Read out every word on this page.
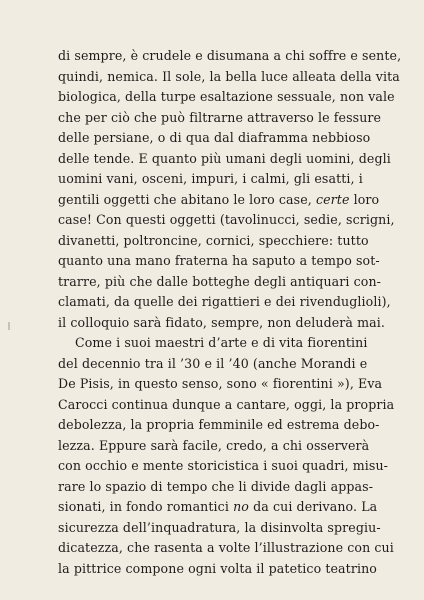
di sempre, è crudele e disumana a chi soffre e sente,
quindi, nemica. Il sole, la bella luce alleata della vita
biologica, della turpe esaltazione sessuale, non vale
che per ciò che può filtrarne attraverso le fessure
delle persiane, o di qua dal diaframma nebbioso
delle tende. E quanto più umani degli uomini, degli
uomini vani, osceni, impuri, i calmi, gli esatti, i
gentili oggetti che abitano le loro case, certe loro
case! Con questi oggetti (tavolinucci, sedie, scrigni,
divanetti, poltroncine, cornici, specchiere: tutto
quanto una mano fraterna ha saputo a tempo sot-
trarre, più che dalle botteghe degli antiquari con-
clamati, da quelle dei rigattieri e dei rivendugliolі),
il colloquio sarà fidato, sempre, non deluderà mai.
Come i suoi maestri d’arte e di vita fiorentini
del decennio tra il ’30 e il ’40 (anche Morandi e
De Pisis, in questo senso, sono « fiorentini »), Eva
Carocci continua dunque a cantare, oggi, la propria
debolezza, la propria femminile ed estrema debo-
lezza. Eppure sarà facile, credo, a chi osserverà
con occhio e mente storicistica i suoi quadri, misu-
rare lo spazio di tempo che li divide dagli appas-
sionati, in fondo romantici no da cui derivano. La
sicurezza dell’inquadratura, la disinvolta spregiu-
dicatezza, che rasenta a volte l’illustrazione con cui
la pittrice compone ogni volta il patetico teatrino
